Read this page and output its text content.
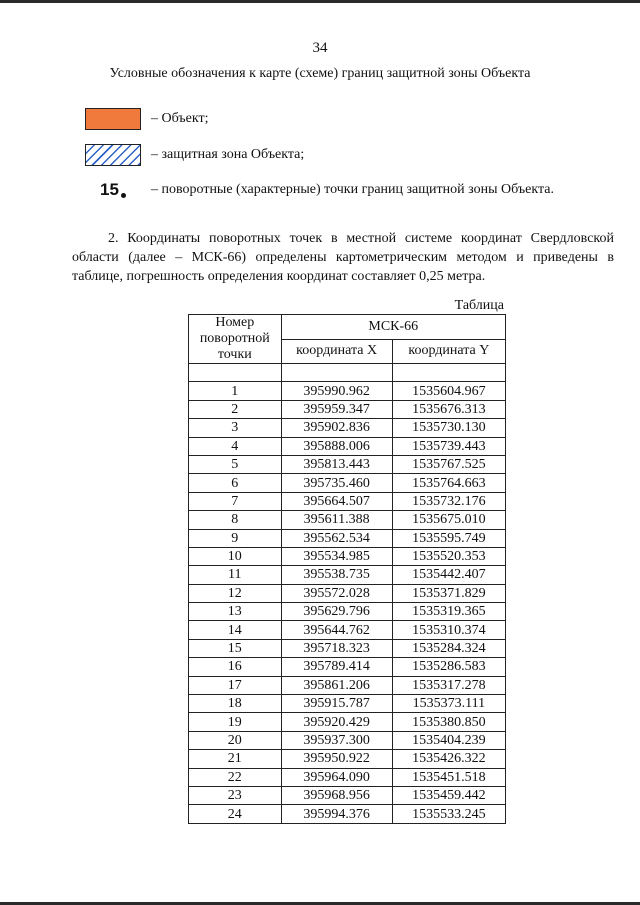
34
Условные обозначения к карте (схеме) границ защитной зоны Объекта
– Объект;
– защитная зона Объекта;
15	– поворотные (характерные) точки границ защитной зоны Объекта.

2. Координаты поворотных точек в местной системе координат Свердловской области (далее – МСК-66) определены картометрическим методом и приведены в таблице, погрешность определения координат составляет 0,25 метра.

Таблица
Номер поворотной точки	МСК-66	
	координата X	координата Y

1	395990.962	1535604.967
2	395959.347	1535676.313
3	395902.836	1535730.130
4	395888.006	1535739.443
5	395813.443	1535767.525
6	395735.460	1535764.663
7	395664.507	1535732.176
8	395611.388	1535675.010
9	395562.534	1535595.749
10	395534.985	1535520.353
11	395538.735	1535442.407
12	395572.028	1535371.829
13	395629.796	1535319.365
14	395644.762	1535310.374
15	395718.323	1535284.324
16	395789.414	1535286.583
17	395861.206	1535317.278
18	395915.787	1535373.111
19	395920.429	1535380.850
20	395937.300	1535404.239
21	395950.922	1535426.322
22	395964.090	1535451.518
23	395968.956	1535459.442
24	395994.376	1535533.245
